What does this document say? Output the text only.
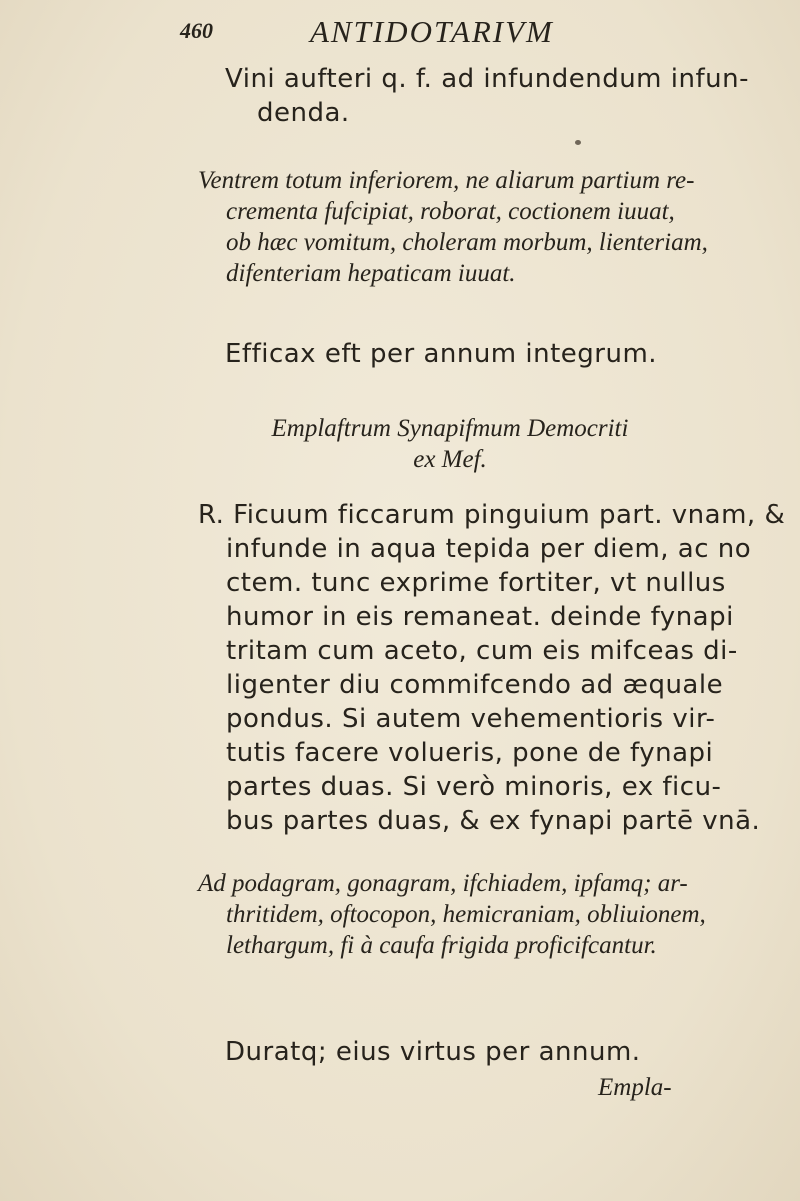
460	ANTIDOTARIVM
Vini aufteri q. f. ad infundendum infun-
denda.
Ventrem totum inferiorem, ne aliarum partium re-
crementa fufcipiat, roborat, coctionem iuuat,
ob hæc vomitum, choleram morbum, lienteriam,
difenteriam hepaticam iuuat.
Efficax eft per annum integrum.
Emplaftrum Synapifmum Democriti
ex Mef.
R. Ficuum ficcarum pinguium part. vnam, &
infunde in aqua tepida per diem, ac no
ctem. tunc exprime fortiter, vt nullus
humor in eis remaneat. deinde fynapi
tritam cum aceto, cum eis mifceas di-
ligenter diu commifcendo ad æquale
pondus. Si autem vehementioris vir-
tutis facere volueris, pone de fynapi
partes duas. Si verò minoris, ex ficu-
bus partes duas, & ex fynapi partē vnā.
Ad podagram, gonagram, ifchiadem, ipfamq; ar-
thritidem, oftocopon, hemicraniam, obliuionem,
lethargum, fi à caufa frigida proficifcantur.
Duratq; eius virtus per annum.
Empla-
